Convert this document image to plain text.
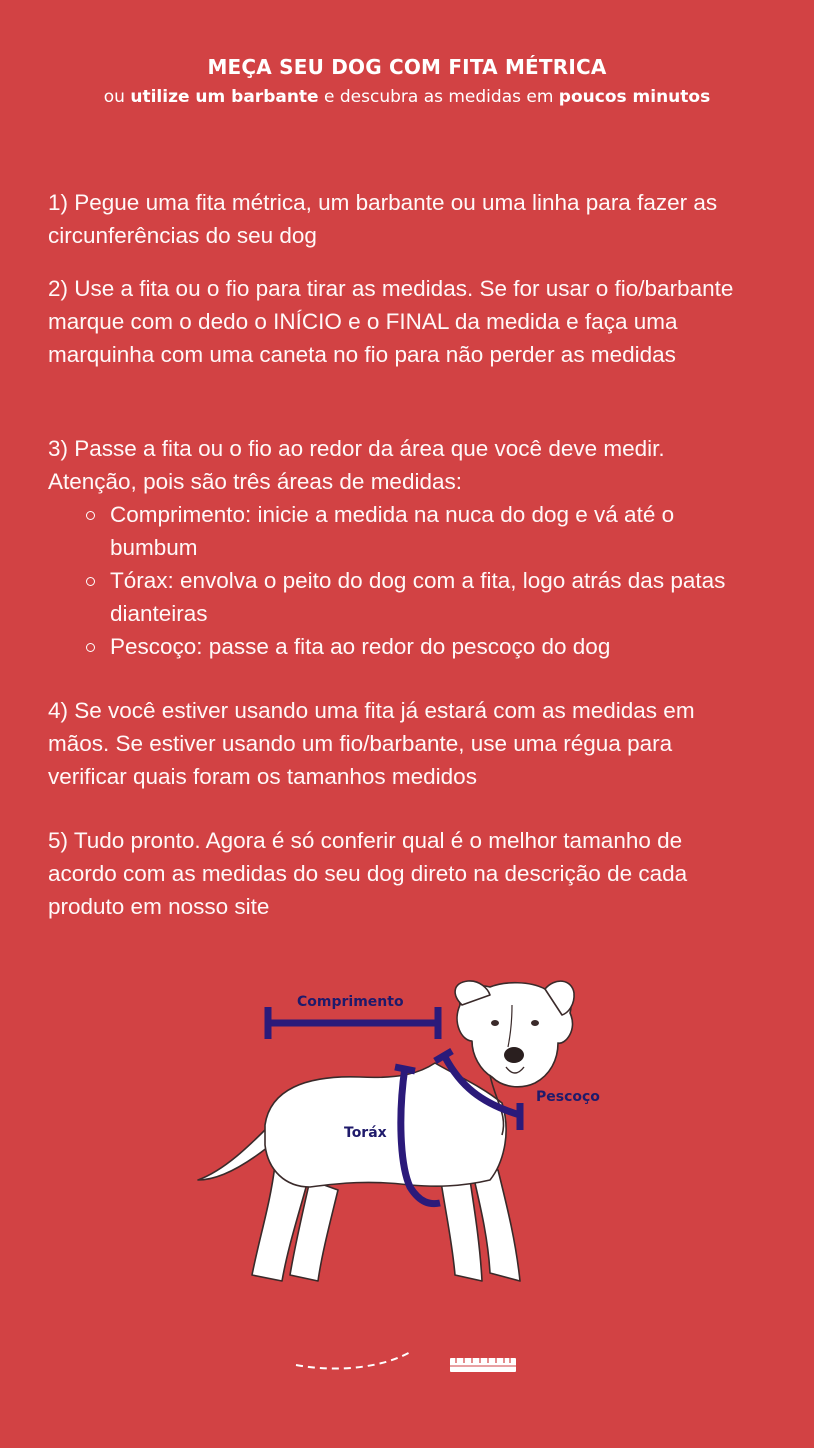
MEÇA SEU DOG COM FITA MÉTRICA

ou utilize um barbante e descubra as medidas em poucos minutos

1) Pegue uma fita métrica, um barbante ou uma linha para fazer as circunferências do seu dog

2) Use a fita ou o fio para tirar as medidas. Se for usar o fio/barbante marque com o dedo o INÍCIO e o FINAL da medida e faça uma marquinha com uma caneta no fio para não perder as medidas

3) Passe a fita ou o fio ao redor da área que você deve medir. Atenção, pois são três áreas de medidas:

Comprimento: inicie a medida na nuca do dog e vá até o bumbum
Tórax: envolva o peito do dog com a fita, logo atrás das patas dianteiras
Pescoço: passe a fita ao redor do pescoço do dog

4) Se você estiver usando uma fita já estará com as medidas em mãos. Se estiver usando um fio/barbante, use uma régua para verificar quais foram os tamanhos medidos

5) Tudo pronto. Agora é só conferir qual é o melhor tamanho de acordo com as medidas do seu dog direto na descrição de cada produto em nosso site

Comprimento
Toráx
Pescoço
